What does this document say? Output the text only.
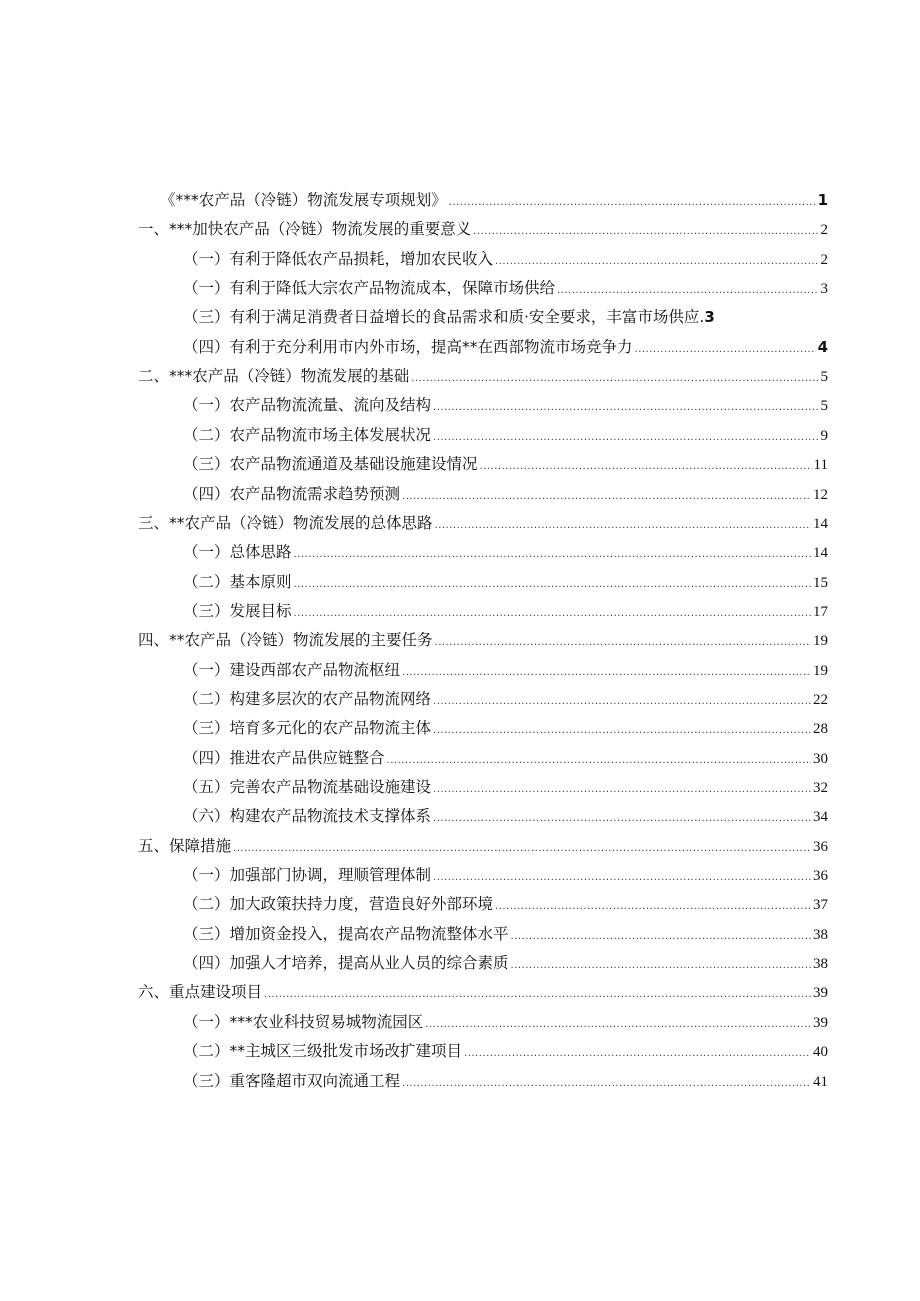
《***农产品（冷链）物流发展专项规划》 .....	1
一、***加快农产品（冷链）物流发展的重要意义 .....	2
（一）有利于降低农产品损耗，增加农民收入 .....	2
（一）有利于降低大宗农产品物流成本，保障市场供给 .....	3
（三）有利于满足消费者日益增长的食品需求和质·安全要求，丰富市场供应. 3
（四）有利于充分利用市内外市场，提高**在西部物流市场竞争力 .....	4
二、***农产品（冷链）物流发展的基础 .....	5
（一）农产品物流流量、流向及结构 .....	5
（二）农产品物流市场主体发展状况 .....	9
（三）农产品物流通道及基础设施建设情况 .....	11
（四）农产品物流需求趋势预测 .....	12
三、**农产品（冷链）物流发展的总体思路 .....	14
（一）总体思路 .....	14
（二）基本原则 .....	15
（三）发展目标 .....	17
四、**农产品（冷链）物流发展的主要任务 .....	19
（一）建设西部农产品物流枢纽 .....	19
（二）构建多层次的农产品物流网络 .....	22
（三）培育多元化的农产品物流主体 .....	28
（四）推进农产品供应链整合 .....	30
（五）完善农产品物流基础设施建设 .....	32
（六）构建农产品物流技术支撑体系 .....	34
五、保障措施 .....	36
（一）加强部门协调，理顺管理体制 .....	36
（二）加大政策扶持力度，营造良好外部环境 .....	37
（三）增加资金投入，提高农产品物流整体水平 .....	38
（四）加强人才培养，提高从业人员的综合素质 .....	38
六、重点建设项目 .....	39
（一）***农业科技贸易城物流园区 .....	39
（二）**主城区三级批发市场改扩建项目 .....	40
（三）重客隆超市双向流通工程 .....	41
